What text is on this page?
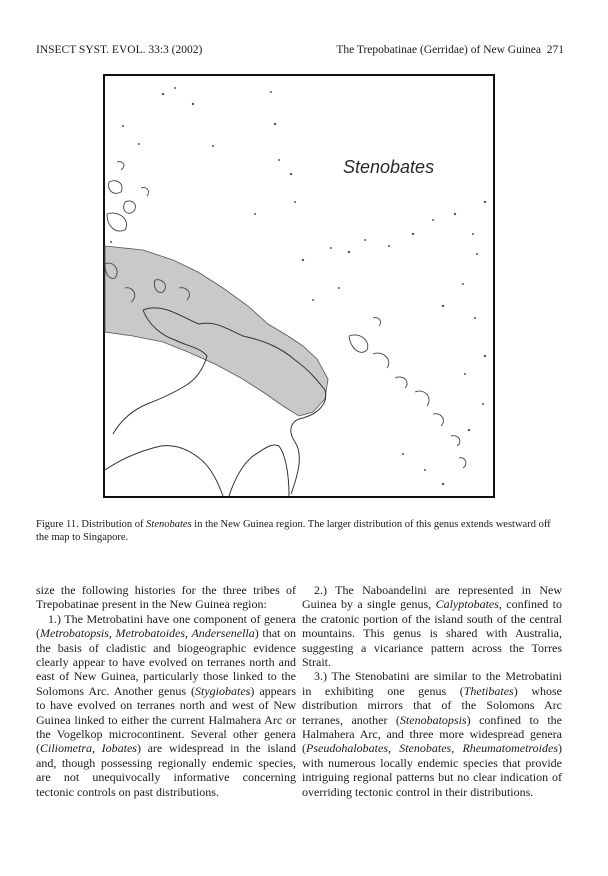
INSECT SYST. EVOL. 33:3 (2002)	The Trepobatinae (Gerridae) of New Guinea 271
Stenobates
Figure 11. Distribution of Stenobates in the New Guinea region. The larger distribution of this genus extends westward off the map to Singapore.

size the following histories for the three tribes of Trepobatinae present in the New Guinea region:

1.) The Metrobatini have one component of genera (Metrobatopsis, Metrobatoides, Andersenella) that on the basis of cladistic and biogeographic evidence clearly appear to have evolved on terranes north and east of New Guinea, particularly those linked to the Solomons Arc. Another genus (Stygiobates) appears to have evolved on terranes north and west of New Guinea linked to either the current Halmahera Arc or the Vogelkop microcontinent. Several other genera (Ciliometra, Iobates) are widespread in the island and, though possessing regionally endemic species, are not unequivocally informative concerning tectonic controls on past distributions.

2.) The Naboandelini are represented in New Guinea by a single genus, Calyptobates, confined to the cratonic portion of the island south of the central mountains. This genus is shared with Australia, suggesting a vicariance pattern across the Torres Strait.

3.) The Stenobatini are similar to the Metrobatini in exhibiting one genus (Thetibates) whose distribution mirrors that of the Solomons Arc terranes, another (Stenobatopsis) confined to the Halmahera Arc, and three more widespread genera (Pseudohalobates, Stenobates, Rheumatometroides) with numerous locally endemic species that provide intriguing regional patterns but no clear indication of overriding tectonic control in their distributions.
